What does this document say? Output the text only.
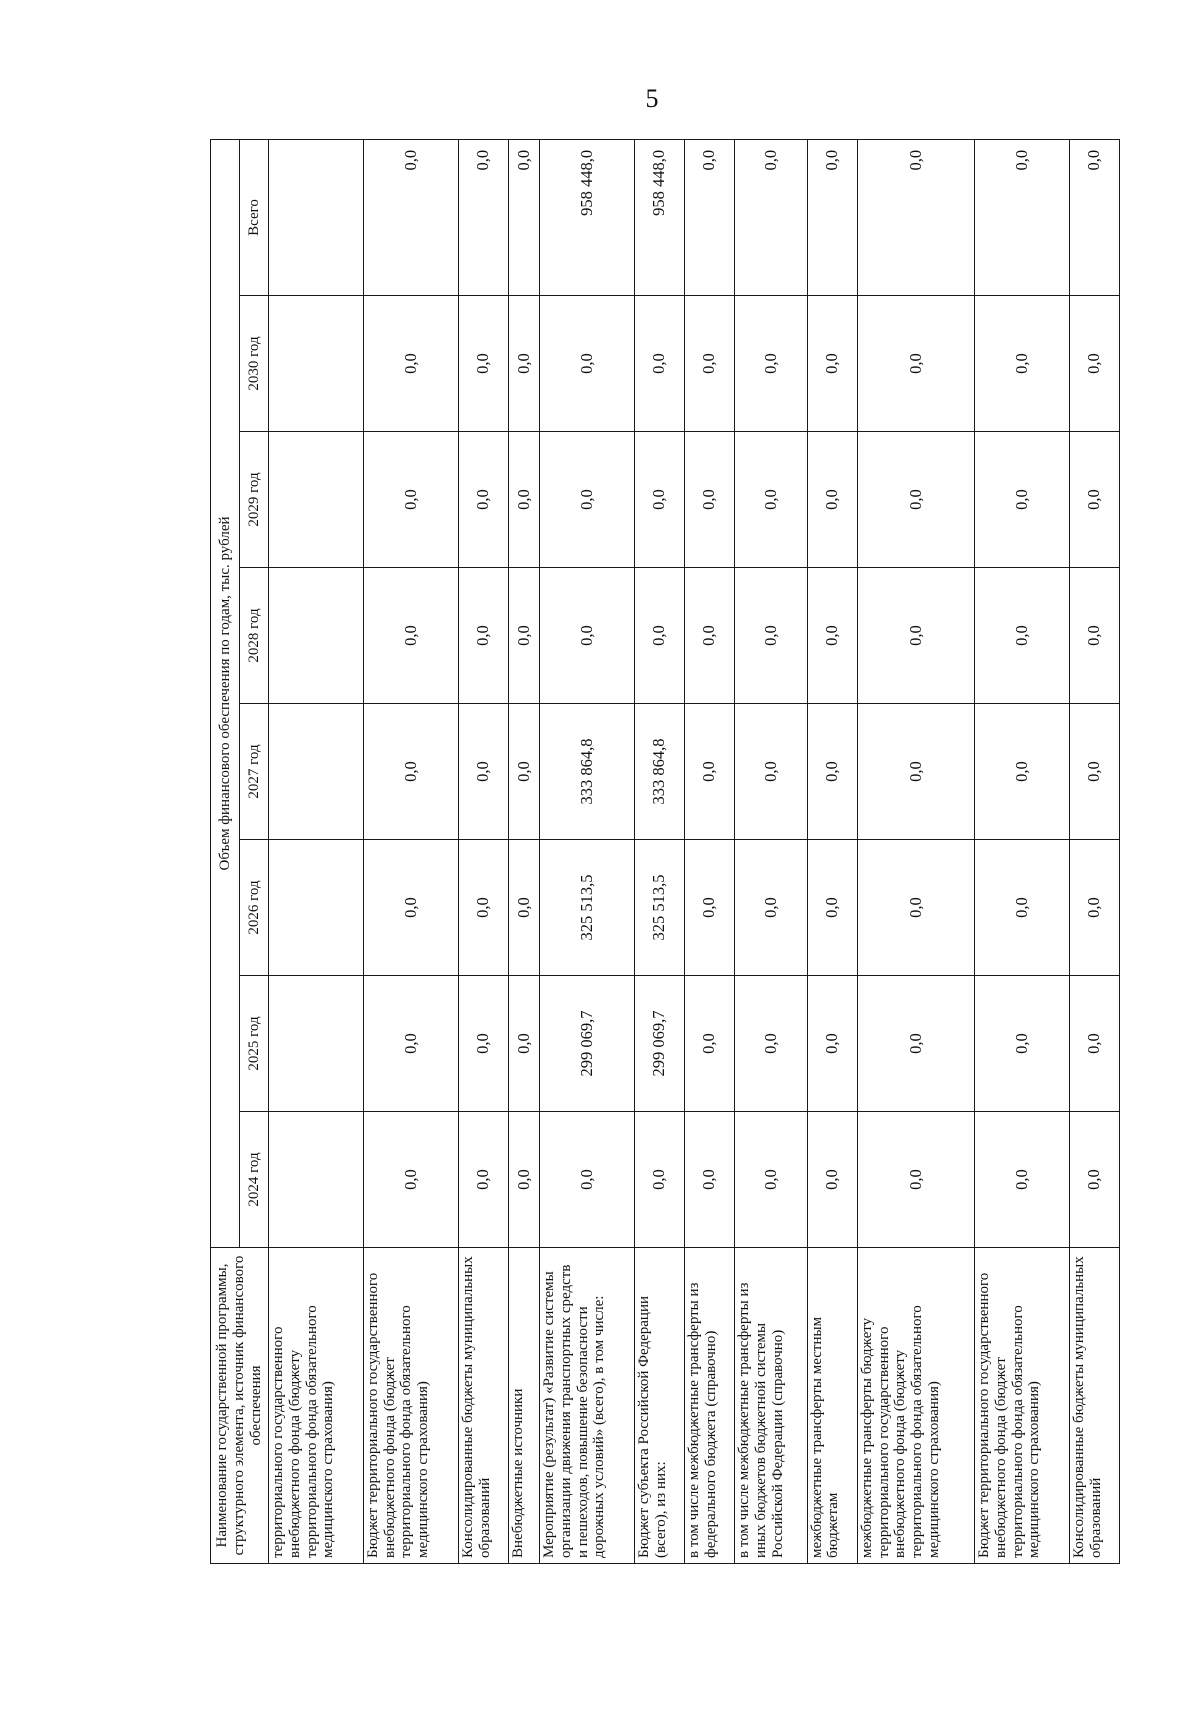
5
Наименование государственной программы, структурного элемента, источник финансового обеспечения	Объем финансового обеспечения по годам, тыс. рублей							
	2024 год	2025 год	2026 год	2027 год	2028 год	2029 год	2030 год	Всего
территориального государственного внебюджетного фонда (бюджету территориального фонда обязательного медицинского страхования)								
Бюджет территориального государственного внебюджетного фонда (бюджет территориального фонда обязательного медицинского страхования)	0,0	0,0	0,0	0,0	0,0	0,0	0,0	0,0
Консолидированные бюджеты муниципальных образований	0,0	0,0	0,0	0,0	0,0	0,0	0,0	0,0
Внебюджетные источники	0,0	0,0	0,0	0,0	0,0	0,0	0,0	0,0
Мероприятие (результат) «Развитие системы организации движения транспортных средств и пешеходов, повышение безопасности дорожных условий» (всего), в том числе:	0,0	299 069,7	325 513,5	333 864,8	0,0	0,0	0,0	958 448,0
Бюджет субъекта Российской Федерации (всего), из них:	0,0	299 069,7	325 513,5	333 864,8	0,0	0,0	0,0	958 448,0
в том числе межбюджетные трансферты из федерального бюджета (справочно)	0,0	0,0	0,0	0,0	0,0	0,0	0,0	0,0
в том числе межбюджетные трансферты из иных бюджетов бюджетной системы Российской Федерации (справочно)	0,0	0,0	0,0	0,0	0,0	0,0	0,0	0,0
межбюджетные трансферты местным бюджетам	0,0	0,0	0,0	0,0	0,0	0,0	0,0	0,0
межбюджетные трансферты бюджету территориального государственного внебюджетного фонда (бюджету территориального фонда обязательного медицинского страхования)	0,0	0,0	0,0	0,0	0,0	0,0	0,0	0,0
Бюджет территориального государственного внебюджетного фонда (бюджет территориального фонда обязательного медицинского страхования)	0,0	0,0	0,0	0,0	0,0	0,0	0,0	0,0
Консолидированные бюджеты муниципальных образований	0,0	0,0	0,0	0,0	0,0	0,0	0,0	0,0
